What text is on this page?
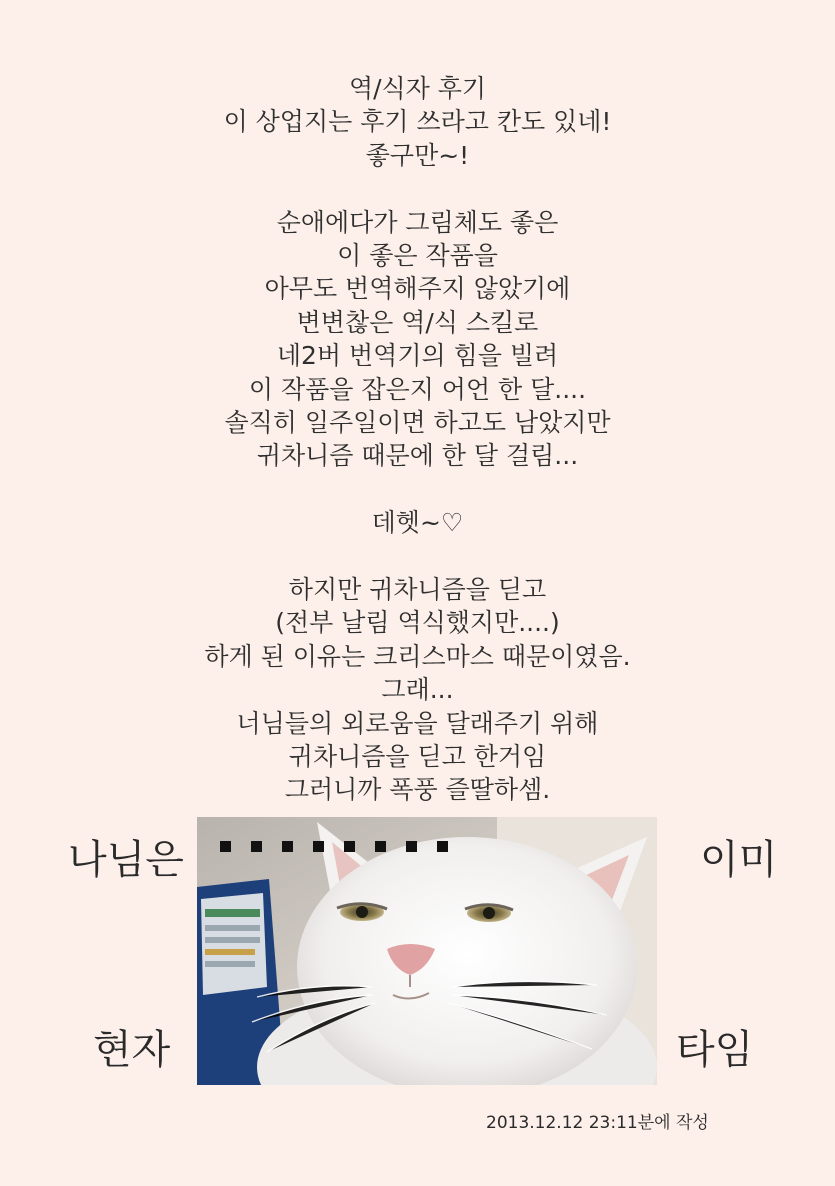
역/식자 후기
이 상업지는 후기 쓰라고 칸도 있네!
좋구만~!
순애에다가 그림체도 좋은
이 좋은 작품을
아무도 번역해주지 않았기에
변변찮은 역/식 스킬로
네2버 번역기의 힘을 빌려
이 작품을 잡은지 어언 한 달....
솔직히 일주일이면 하고도 남았지만
귀차니즘 때문에 한 달 걸림...
데헷~♡
하지만 귀차니즘을 딛고
(전부 날림 역식했지만....)
하게 된 이유는 크리스마스 때문이였음.
그래...
너님들의 외로움을 달래주기 위해
귀차니즘을 딛고 한거임
그러니까 폭풍 즐딸하셈.
나님은	이미
현자	타임
2013.12.12 23:11분에 작성
